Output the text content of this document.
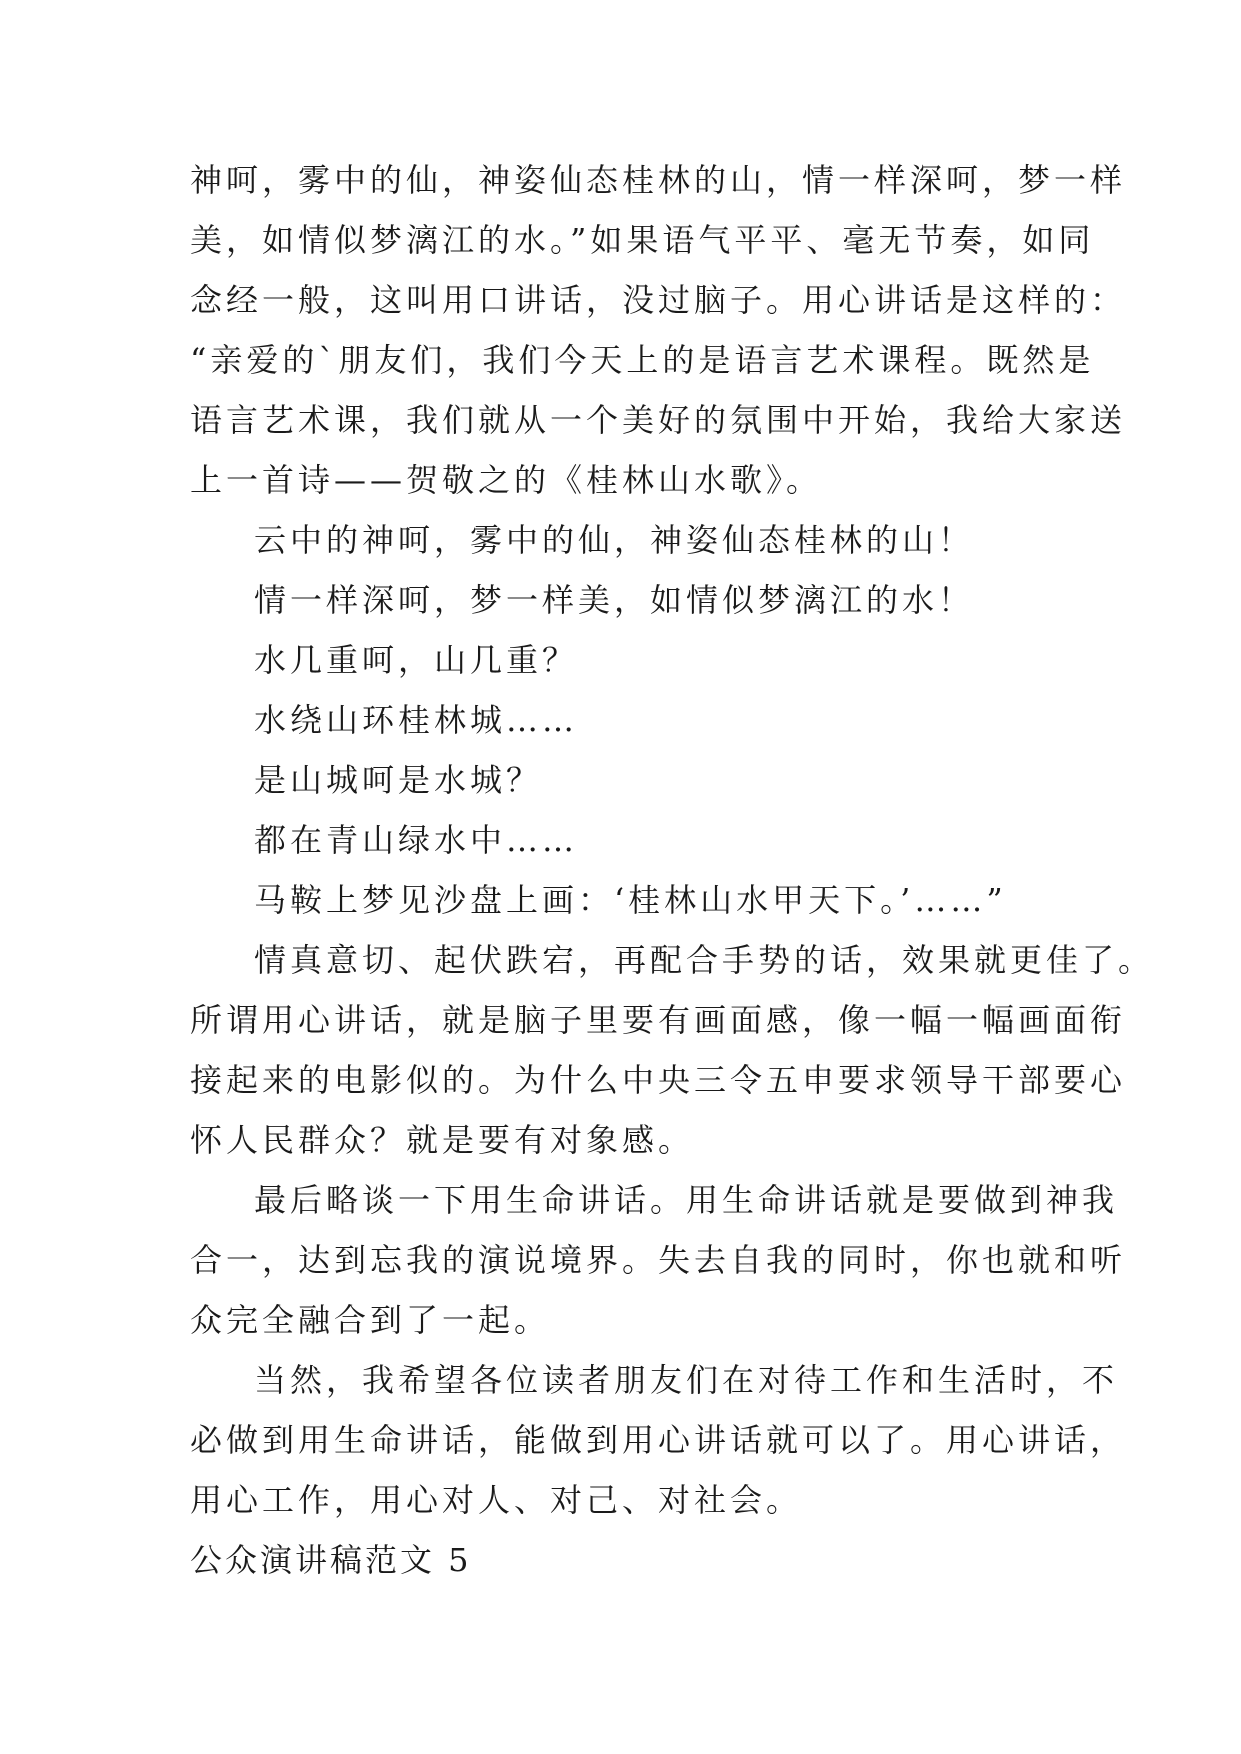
神呵，雾中的仙，神姿仙态桂林的山，情一样深呵，梦一样
美，如情似梦漓江的水。”如果语气平平、毫无节奏，如同
念经一般，这叫用口讲话，没过脑子。用心讲话是这样的：
“亲爱的`朋友们，我们今天上的是语言艺术课程。既然是
语言艺术课，我们就从一个美好的氛围中开始，我给大家送
上一首诗——贺敬之的《桂林山水歌》。
云中的神呵，雾中的仙，神姿仙态桂林的山！
情一样深呵，梦一样美，如情似梦漓江的水！
水几重呵，山几重？
水绕山环桂林城……
是山城呵是水城？
都在青山绿水中……
马鞍上梦见沙盘上画：‘桂林山水甲天下。’……”
情真意切、起伏跌宕，再配合手势的话，效果就更佳了。
所谓用心讲话，就是脑子里要有画面感，像一幅一幅画面衔
接起来的电影似的。为什么中央三令五申要求领导干部要心
怀人民群众？就是要有对象感。
最后略谈一下用生命讲话。用生命讲话就是要做到神我
合一，达到忘我的演说境界。失去自我的同时，你也就和听
众完全融合到了一起。
当然，我希望各位读者朋友们在对待工作和生活时，不
必做到用生命讲话，能做到用心讲话就可以了。用心讲话，
用心工作，用心对人、对己、对社会。
公众演讲稿范文 5
